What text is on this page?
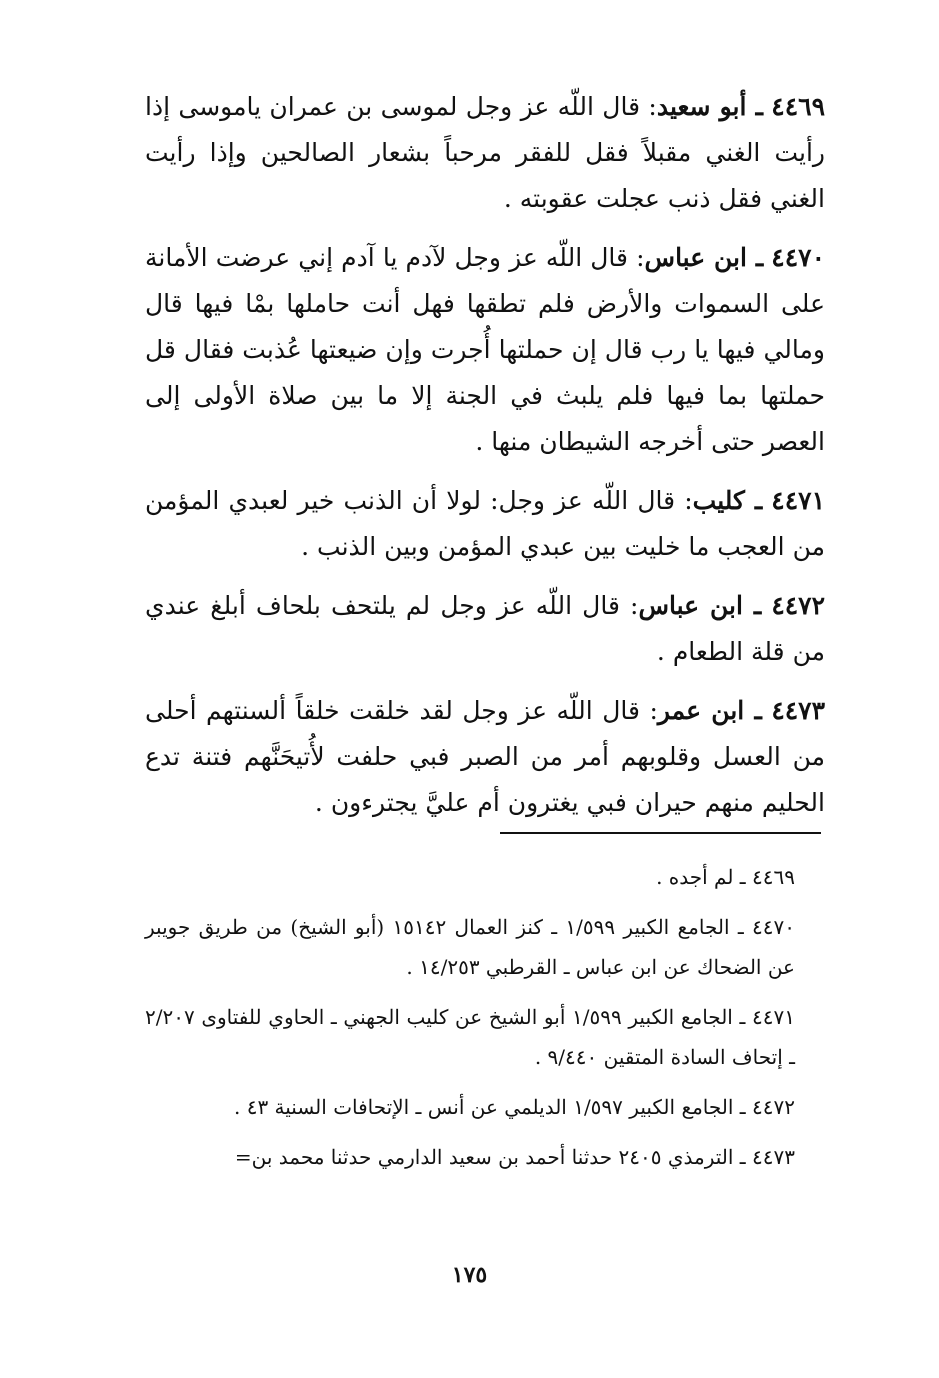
٤٤٦٩ ـ أبو سعيد: قال اللّه عز وجل لموسى بن عمران ياموسى إذا رأيت الغني مقبلاً فقل للفقر مرحباً بشعار الصالحين وإذا رأيت الغني فقل ذنب عجلت عقوبته .

٤٤٧٠ ـ ابن عباس: قال اللّه عز وجل لآدم يا آدم إني عرضت الأمانة على السموات والأرض فلم تطقها فهل أنت حاملها بمْا فيها قال ومالي فيها يا رب قال إن حملتها أُجرت وإن ضيعتها عُذبت فقال قل حملتها بما فيها فلم يلبث في الجنة إلا ما بين صلاة الأولى إلى العصر حتى أخرجه الشيطان منها .

٤٤٧١ ـ كليب: قال اللّه عز وجل: لولا أن الذنب خير لعبدي المؤمن من العجب ما خليت بين عبدي المؤمن وبين الذنب .

٤٤٧٢ ـ ابن عباس: قال اللّه عز وجل لم يلتحف بلحاف أبلغ عندي من قلة الطعام .

٤٤٧٣ ـ ابن عمر: قال اللّه عز وجل لقد خلقت خلقاً ألسنتهم أحلى من العسل وقلوبهم أمر من الصبر فبي حلفت لأُتيحَنَّهم فتنة تدع الحليم منهم حيران فبي يغترون أم عليَّ يجترءون .

٤٤٦٩ ـ لم أجده .

٤٤٧٠ ـ الجامع الكبير ١/٥٩٩ ـ كنز العمال ١٥١٤٢ (أبو الشيخ) من طريق جويبر عن الضحاك عن ابن عباس ـ القرطبي ١٤/٢٥٣ .

٤٤٧١ ـ الجامع الكبير ١/٥٩٩ أبو الشيخ عن كليب الجهني ـ الحاوي للفتاوى ٢/٢٠٧ ـ إتحاف السادة المتقين ٩/٤٤٠ .

٤٤٧٢ ـ الجامع الكبير ١/٥٩٧ الديلمي عن أنس ـ الإتحافات السنية ٤٣ .

٤٤٧٣ ـ الترمذي ٢٤٠٥ حدثنا أحمد بن سعيد الدارمي حدثنا محمد بن=

١٧٥
